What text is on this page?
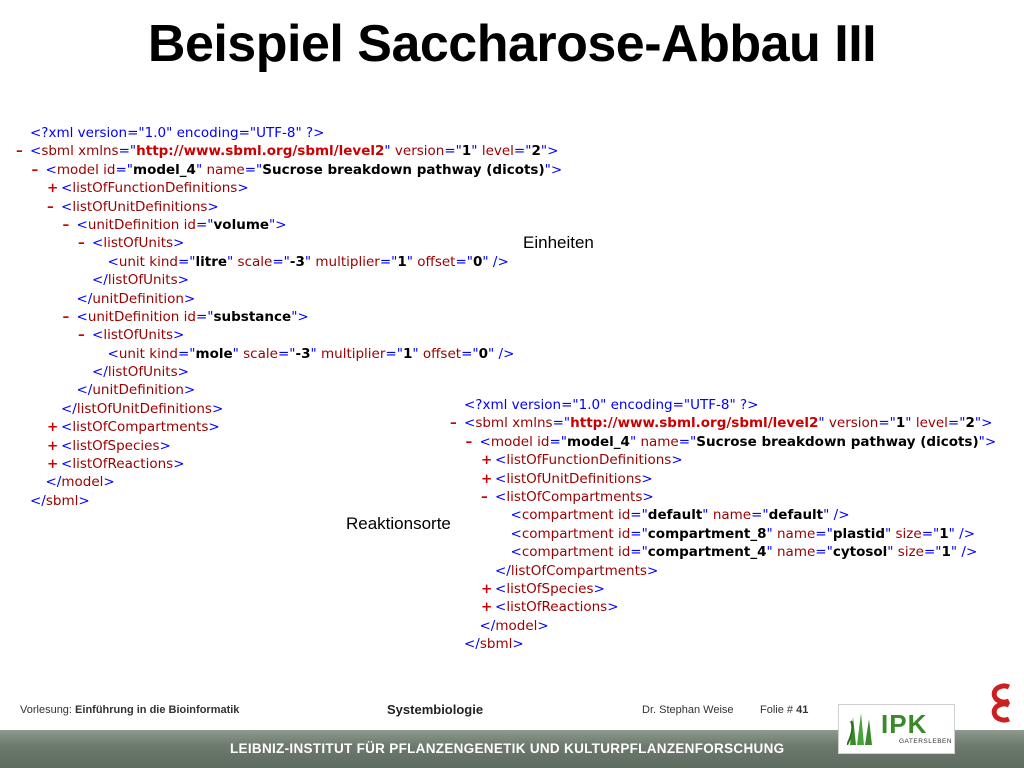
Beispiel Saccharose-Abbau III
<?xml version="1.0" encoding="UTF-8" ?>
– <sbml xmlns="http://www.sbml.org/sbml/level2" version="1" level="2">
– <model id="model_4" name="Sucrose breakdown pathway (dicots)">
+ <listOfFunctionDefinitions>
– <listOfUnitDefinitions>
– <unitDefinition id="volume">
– <listOfUnits>
<unit kind="litre" scale="-3" multiplier="1" offset="0" />
</listOfUnits>
</unitDefinition>
– <unitDefinition id="substance">
– <listOfUnits>
<unit kind="mole" scale="-3" multiplier="1" offset="0" />
</listOfUnits>
</unitDefinition>
</listOfUnitDefinitions>
+ <listOfCompartments>
+ <listOfSpecies>
+ <listOfReactions>
</model>
</sbml>
Einheiten
<?xml version="1.0" encoding="UTF-8" ?>
– <sbml xmlns="http://www.sbml.org/sbml/level2" version="1" level="2">
– <model id="model_4" name="Sucrose breakdown pathway (dicots)">
+ <listOfFunctionDefinitions>
+ <listOfUnitDefinitions>
– <listOfCompartments>
<compartment id="default" name="default" />
<compartment id="compartment_8" name="plastid" size="1" />
<compartment id="compartment_4" name="cytosol" size="1" />
</listOfCompartments>
+ <listOfSpecies>
+ <listOfReactions>
</model>
</sbml>
Reaktionsorte
Vorlesung: Einführung in die Bioinformatik	Systembiologie	Dr. Stephan Weise Folie # 41
LEIBNIZ-INSTITUT FÜR PFLANZENGENETIK UND KULTURPFLANZENFORSCHUNG
IPK
GATERSLEBEN
